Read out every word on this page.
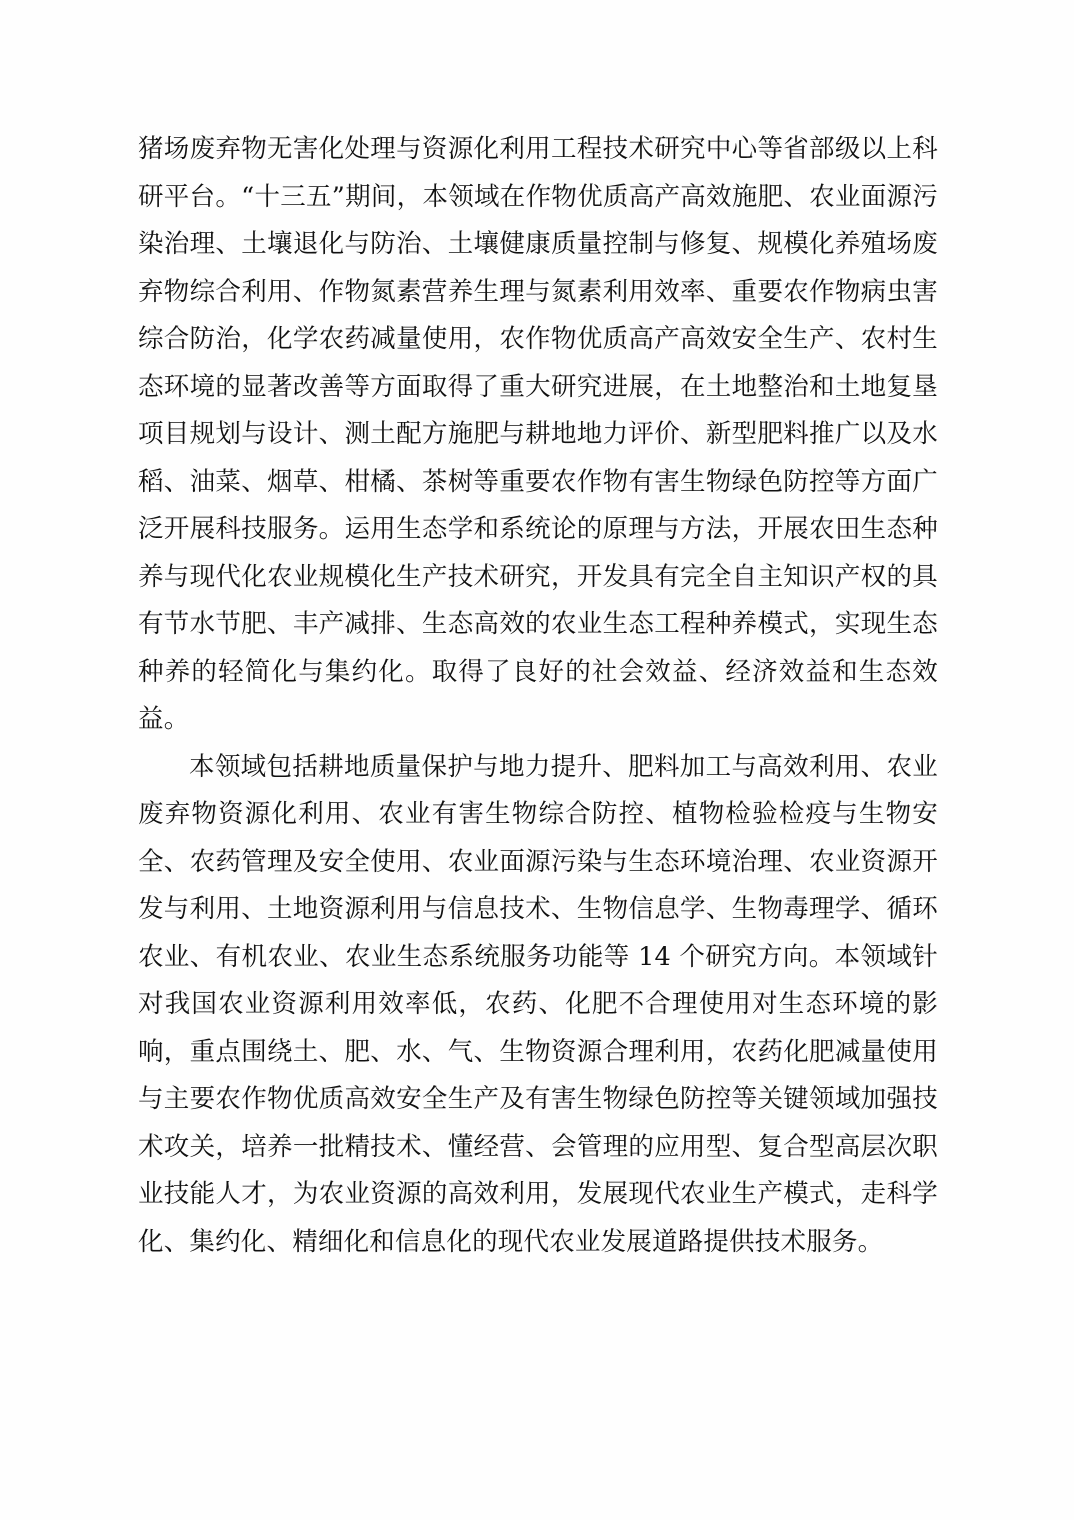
猪场废弃物无害化处理与资源化利用工程技术研究中心等省部级以上科研平台。“十三五”期间，本领域在作物优质高产高效施肥、农业面源污染治理、土壤退化与防治、土壤健康质量控制与修复、规模化养殖场废弃物综合利用、作物氮素营养生理与氮素利用效率、重要农作物病虫害综合防治，化学农药减量使用，农作物优质高产高效安全生产、农村生态环境的显著改善等方面取得了重大研究进展，在土地整治和土地复垦项目规划与设计、测土配方施肥与耕地地力评价、新型肥料推广以及水稻、油菜、烟草、柑橘、茶树等重要农作物有害生物绿色防控等方面广泛开展科技服务。运用生态学和系统论的原理与方法，开展农田生态种养与现代化农业规模化生产技术研究，开发具有完全自主知识产权的具有节水节肥、丰产减排、生态高效的农业生态工程种养模式，实现生态种养的轻简化与集约化。取得了良好的社会效益、经济效益和生态效益。

本领域包括耕地质量保护与地力提升、肥料加工与高效利用、农业废弃物资源化利用、农业有害生物综合防控、植物检验检疫与生物安全、农药管理及安全使用、农业面源污染与生态环境治理、农业资源开发与利用、土地资源利用与信息技术、生物信息学、生物毒理学、循环农业、有机农业、农业生态系统服务功能等 14 个研究方向。本领域针对我国农业资源利用效率低，农药、化肥不合理使用对生态环境的影响，重点围绕土、肥、水、气、生物资源合理利用，农药化肥减量使用与主要农作物优质高效安全生产及有害生物绿色防控等关键领域加强技术攻关，培养一批精技术、懂经营、会管理的应用型、复合型高层次职业技能人才，为农业资源的高效利用，发展现代农业生产模式，走科学化、集约化、精细化和信息化的现代农业发展道路提供技术服务。
